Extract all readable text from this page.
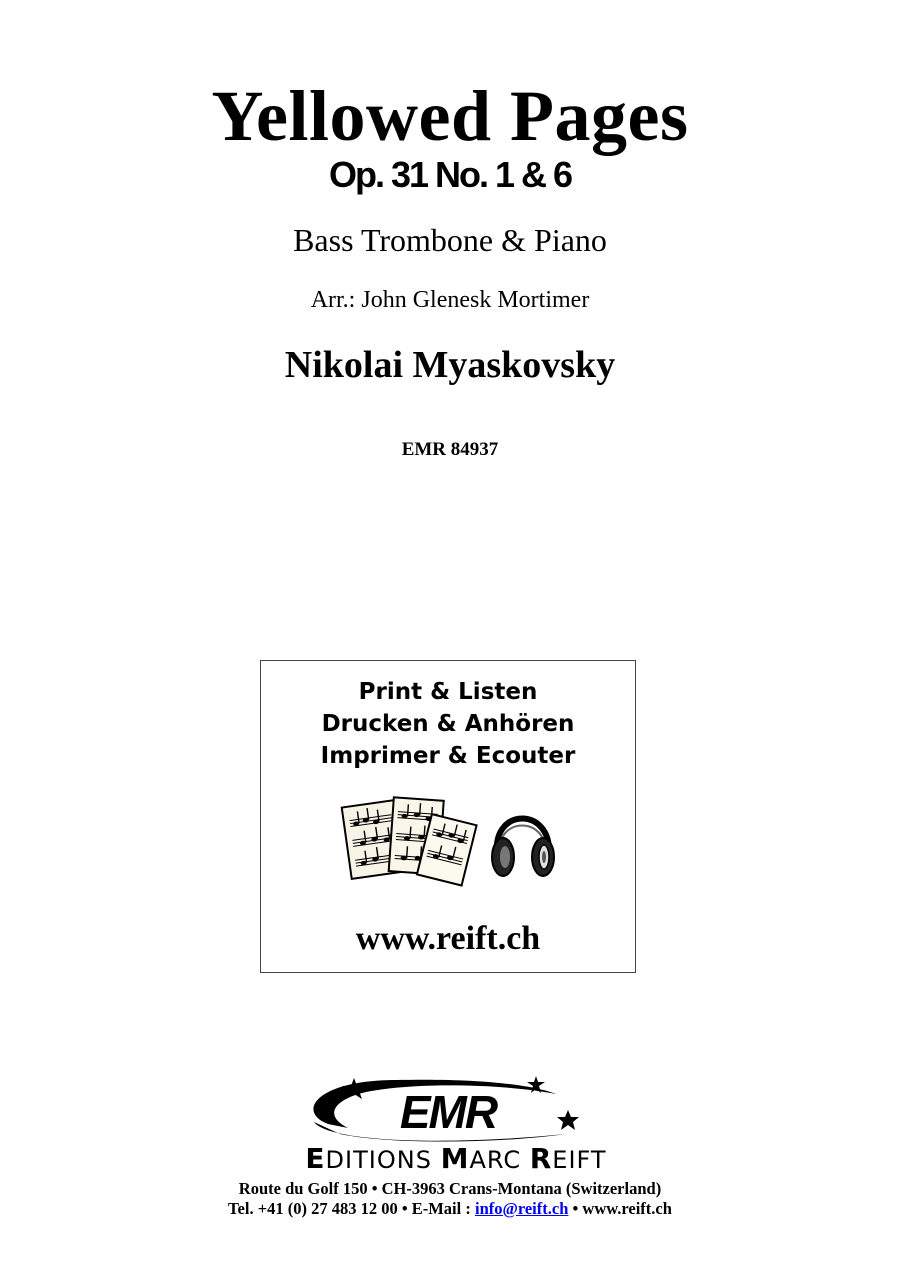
Yellowed Pages
Op. 31 No. 1 & 6
Bass Trombone & Piano
Arr.: John Glenesk Mortimer
Nikolai Myaskovsky
EMR 84937
Print & Listen
Drucken & Anhören
Imprimer & Ecouter
www.reift.ch
EMR
EDITIONS MARC REIFT
Route du Golf 150 • CH-3963 Crans-Montana (Switzerland)
Tel. +41 (0) 27 483 12 00 • E-Mail : info@reift.ch • www.reift.ch
